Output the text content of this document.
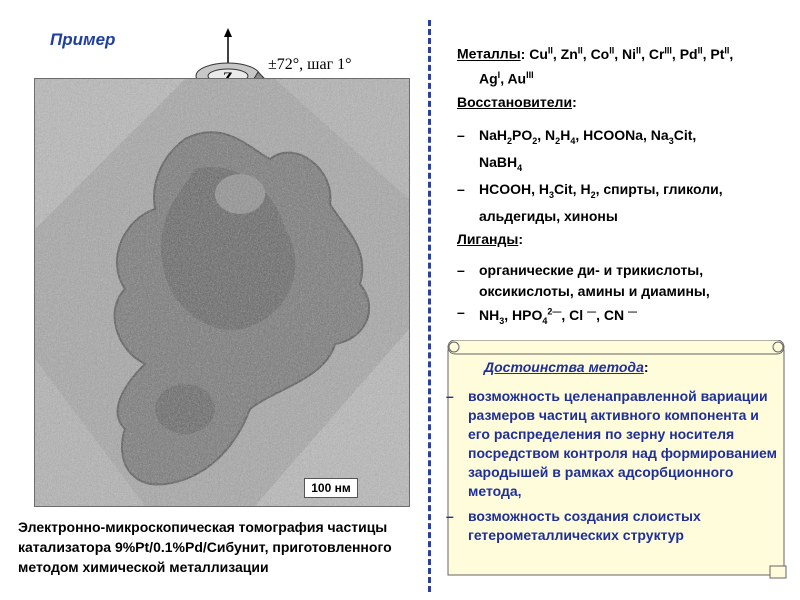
Пример
±72°, шаг 1°
100 нм
Электронно-микроскопическая томография частицы
катализатора 9%Pt/0.1%Pd/Сибунит, приготовленного
методом химической металлизации
Металлы: $Cu^{II}$, $Zn^{II}$, $Co^{II}$, $Ni^{II}$, $Cr^{III}$, $Pd^{II}$, $Pt^{II}$,
$Ag^I$, $Au^{III}$
Восстановители:
– $NaH_2PO_2$, $N_2H_4$, HCOONa, $Na_3Cit$,
NaBH$_4$
– HCOOH, $H_3Cit$, $H_2$, спирты, гликоли,
альдегиды, хиноны
Лиганды:
– органические ди- и трикислоты,
оксикислоты, амины и диамины,
– $NH_3$, $HPO_4^{2—}$, Cl —, CN —
Достоинства метода:
– возможность целенаправленной вариации размеров частиц активного компонента и его распределения по зерну носителя посредством контроля над формированием зародышей в рамках адсорбционного метода,
– возможность создания слоистых гетерометаллических структур
